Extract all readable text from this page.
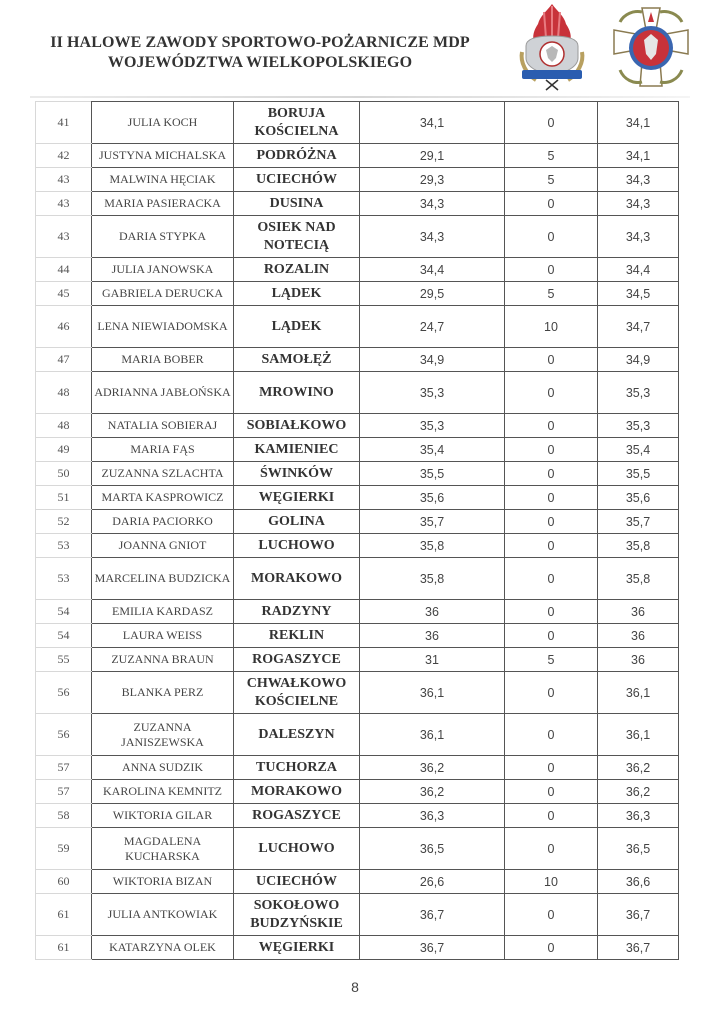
II HALOWE ZAWODY SPORTOWO-POŻARNICZE MDP
WOJEWÓDZTWA WIELKOPOLSKIEGO
41	JULIA KOCH	BORUJA KOŚCIELNA	34,1	0	34,1
42	JUSTYNA MICHALSKA	PODRÓŻNA	29,1	5	34,1
43	MALWINA HĘCIAK	UCIECHÓW	29,3	5	34,3
43	MARIA PASIERACKA	DUSINA	34,3	0	34,3
43	DARIA STYPKA	OSIEK NAD NOTECIĄ	34,3	0	34,3
44	JULIA JANOWSKA	ROZALIN	34,4	0	34,4
45	GABRIELA DERUCKA	LĄDEK	29,5	5	34,5
46	LENA NIEWIADOMSKA	LĄDEK	24,7	10	34,7
47	MARIA BOBER	SAMOŁĘŻ	34,9	0	34,9
48	ADRIANNA JABŁOŃSKA	MROWINO	35,3	0	35,3
48	NATALIA SOBIERAJ	SOBIAŁKOWO	35,3	0	35,3
49	MARIA FĄS	KAMIENIEC	35,4	0	35,4
50	ZUZANNA SZLACHTA	ŚWINKÓW	35,5	0	35,5
51	MARTA KASPROWICZ	WĘGIERKI	35,6	0	35,6
52	DARIA PACIORKO	GOLINA	35,7	0	35,7
53	JOANNA GNIOT	LUCHOWO	35,8	0	35,8
53	MARCELINA BUDZICKA	MORAKOWO	35,8	0	35,8
54	EMILIA KARDASZ	RADZYNY	36	0	36
54	LAURA WEISS	REKLIN	36	0	36
55	ZUZANNA BRAUN	ROGASZYCE	31	5	36
56	BLANKA PERZ	CHWAŁKOWO KOŚCIELNE	36,1	0	36,1
56	ZUZANNA JANISZEWSKA	DALESZYN	36,1	0	36,1
57	ANNA SUDZIK	TUCHORZA	36,2	0	36,2
57	KAROLINA KEMNITZ	MORAKOWO	36,2	0	36,2
58	WIKTORIA GILAR	ROGASZYCE	36,3	0	36,3
59	MAGDALENA KUCHARSKA	LUCHOWO	36,5	0	36,5
60	WIKTORIA BIZAN	UCIECHÓW	26,6	10	36,6
61	JULIA ANTKOWIAK	SOKOŁOWO BUDZYŃSKIE	36,7	0	36,7
61	KATARZYNA OLEK	WĘGIERKI	36,7	0	36,7
8
